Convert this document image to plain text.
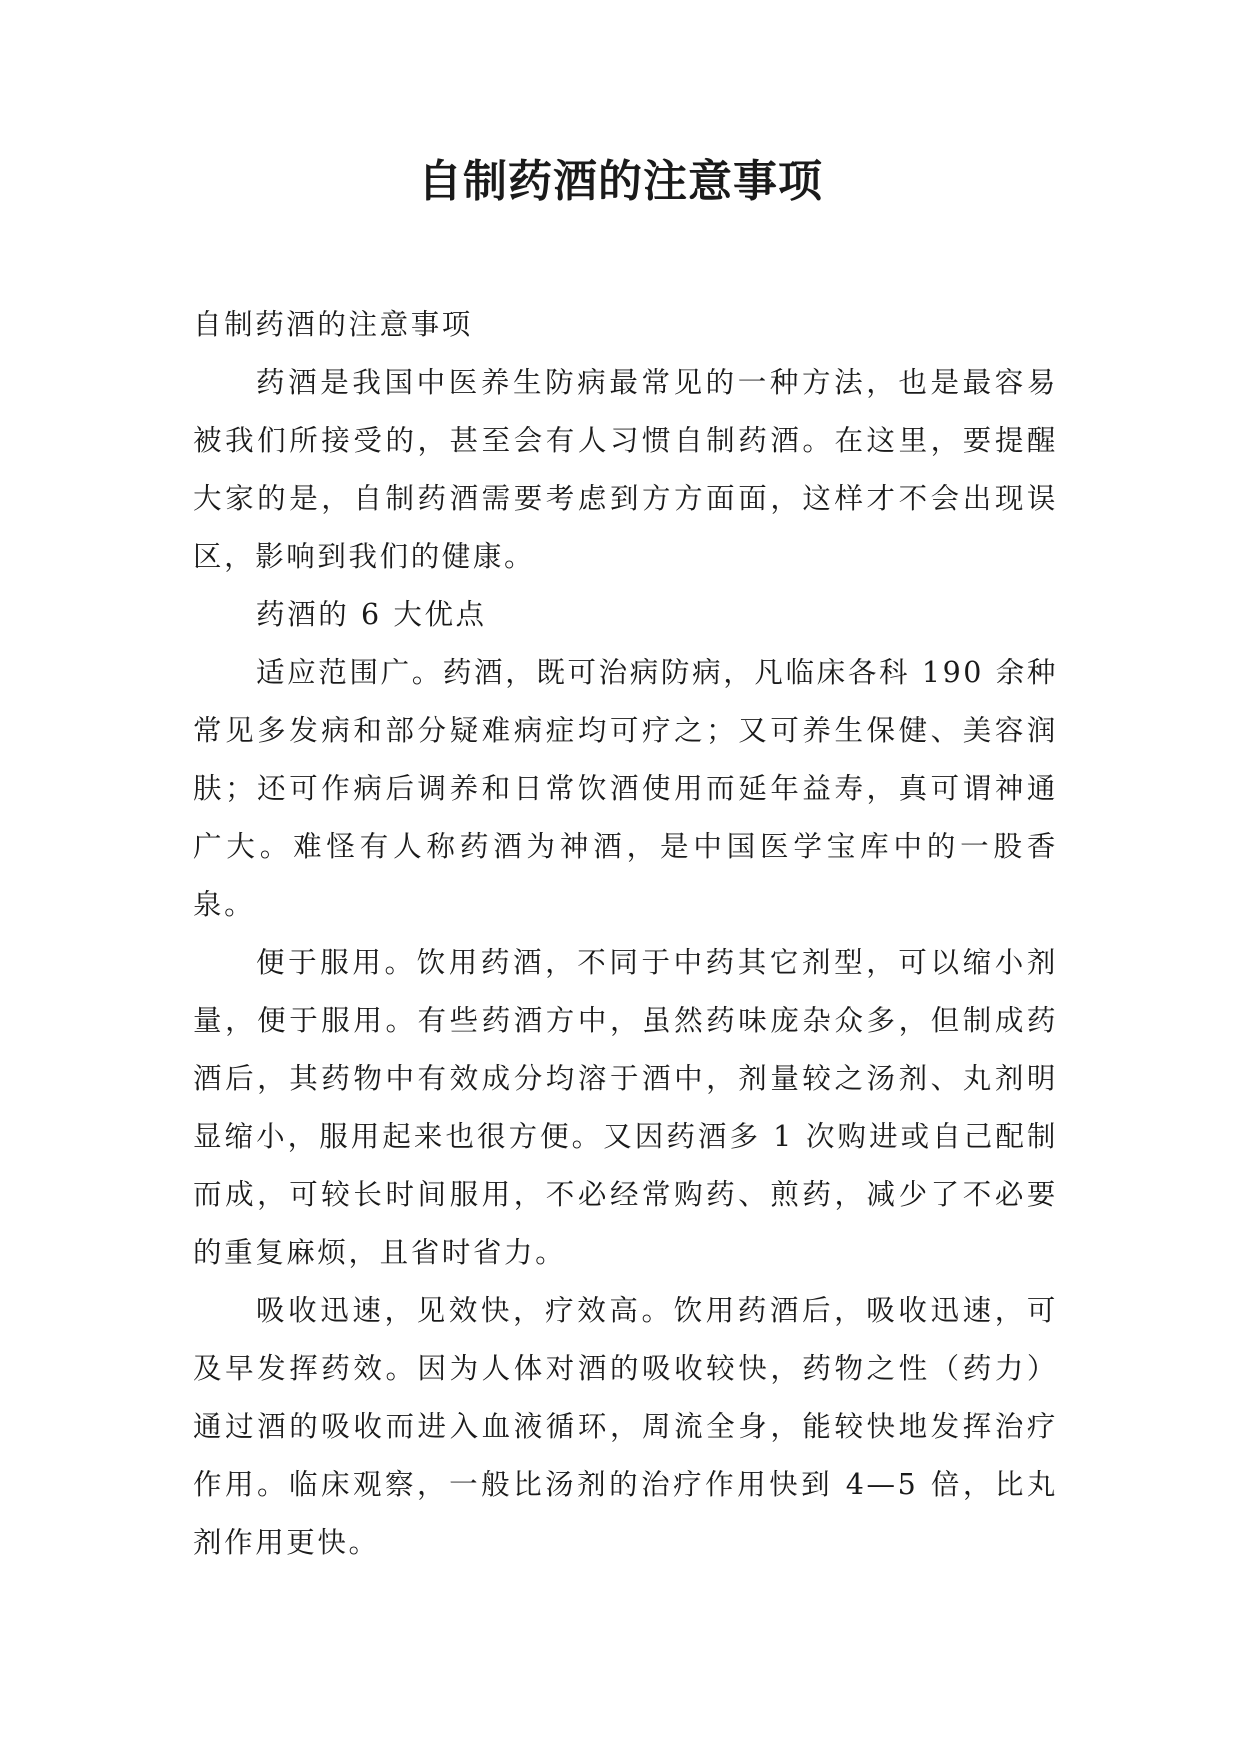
自制药酒的注意事项

自制药酒的注意事项

药酒是我国中医养生防病最常见的一种方法，也是最容易被我们所接受的，甚至会有人习惯自制药酒。在这里，要提醒大家的是，自制药酒需要考虑到方方面面，这样才不会出现误区，影响到我们的健康。

药酒的 6 大优点

适应范围广。药酒，既可治病防病，凡临床各科 190 余种常见多发病和部分疑难病症均可疗之；又可养生保健、美容润肤；还可作病后调养和日常饮酒使用而延年益寿，真可谓神通广大。难怪有人称药酒为神酒，是中国医学宝库中的一股香泉。

便于服用。饮用药酒，不同于中药其它剂型，可以缩小剂量，便于服用。有些药酒方中，虽然药味庞杂众多，但制成药酒后，其药物中有效成分均溶于酒中，剂量较之汤剂、丸剂明显缩小，服用起来也很方便。又因药酒多 1 次购进或自己配制而成，可较长时间服用，不必经常购药、煎药，减少了不必要的重复麻烦，且省时省力。

吸收迅速，见效快，疗效高。饮用药酒后，吸收迅速，可及早发挥药效。因为人体对酒的吸收较快，药物之性（药力）通过酒的吸收而进入血液循环，周流全身，能较快地发挥治疗作用。临床观察，一般比汤剂的治疗作用快到 4—5 倍，比丸剂作用更快。
